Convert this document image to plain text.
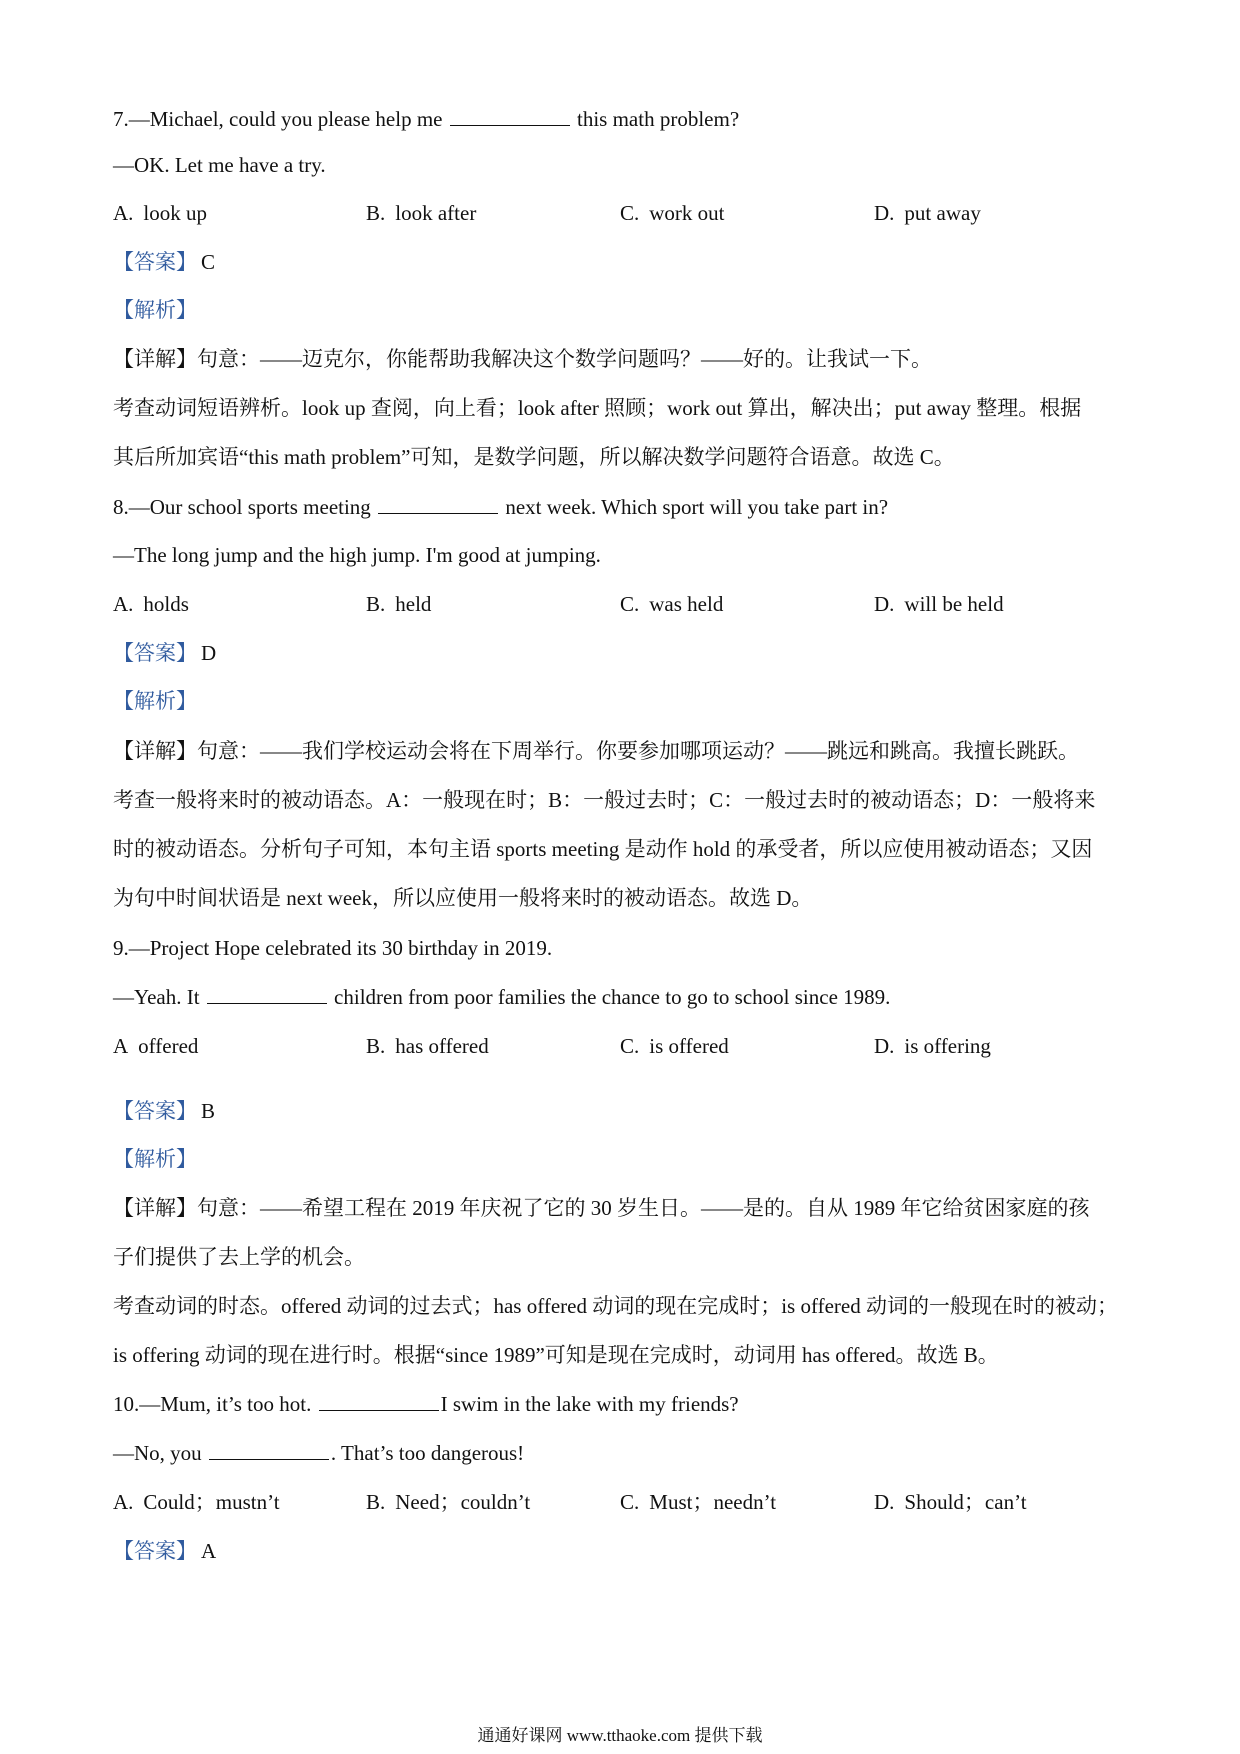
7.—Michael, could you please help me	this math problem?
—OK. Let me have a try.
A. look up	B. look after	C. work out	D. put away
【答案】 C
【解析】
【详解】句意：——迈克尔，你能帮助我解决这个数学问题吗？——好的。让我试一下。
考查动词短语辨析。look up 查阅，向上看；look after 照顾；work out 算出，解决出；put away 整理。根据
其后所加宾语“this math problem”可知，是数学问题，所以解决数学问题符合语意。故选 C。
8.—Our school sports meeting	next week. Which sport will you take part in?
—The long jump and the high jump. I'm good at jumping.
A. holds	B. held	C. was held	D. will be held
【答案】 D
【解析】
【详解】句意：——我们学校运动会将在下周举行。你要参加哪项运动？——跳远和跳高。我擅长跳跃。
考查一般将来时的被动语态。A：一般现在时；B：一般过去时；C：一般过去时的被动语态；D：一般将来
时的被动语态。分析句子可知，本句主语 sports meeting 是动作 hold 的承受者，所以应使用被动语态；又因
为句中时间状语是 next week，所以应使用一般将来时的被动语态。故选 D。
9.—Project Hope celebrated its 30 birthday in 2019.
—Yeah. It	children from poor families the chance to go to school since 1989.
A offered	B. has offered	C. is offered	D. is offering
【答案】 B
【解析】
【详解】句意：——希望工程在 2019 年庆祝了它的 30 岁生日。——是的。自从 1989 年它给贫困家庭的孩
子们提供了去上学的机会。
考查动词的时态。offered 动词的过去式；has offered 动词的现在完成时；is offered 动词的一般现在时的被动；
is offering 动词的现在进行时。根据“since 1989”可知是现在完成时，动词用 has offered。故选 B。
10.—Mum, it’s too hot.	I swim in the lake with my friends?
—No, you	. That’s too dangerous!
A. Could；mustn’t	B. Need；couldn’t	C. Must；needn’t	D. Should；can’t
【答案】 A
通通好课网 www.tthaoke.com 提供下载
